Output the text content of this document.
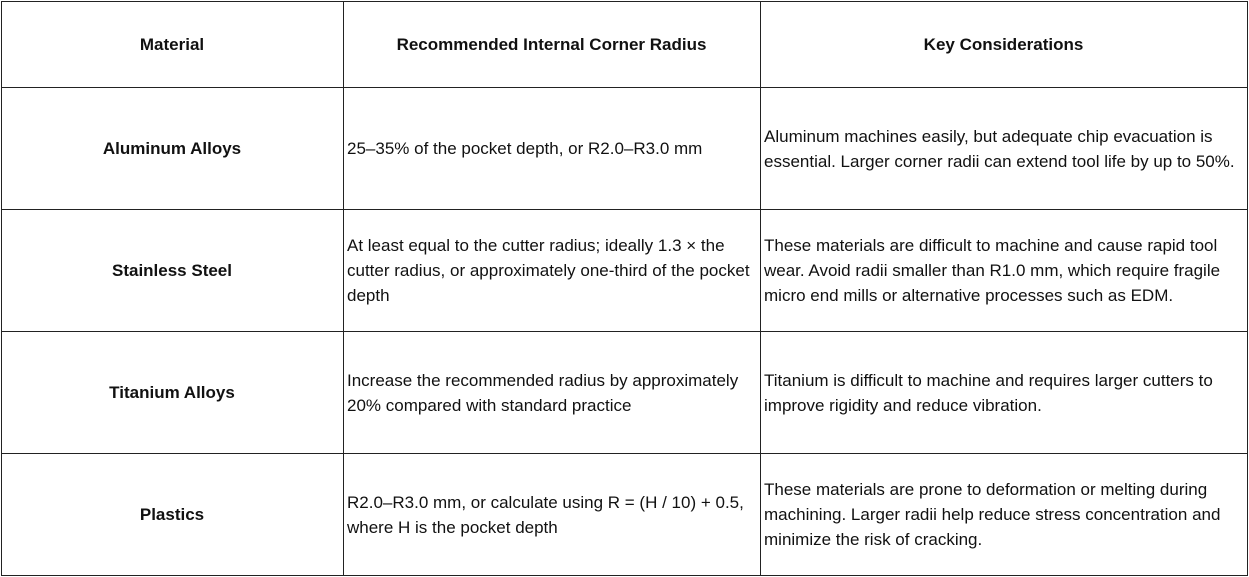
Material	Recommended Internal Corner Radius	Key Considerations
Aluminum Alloys	25–35% of the pocket depth, or R2.0–R3.0 mm	Aluminum machines easily, but adequate chip evacuation is essential. Larger corner radii can extend tool life by up to 50%.
Stainless Steel	At least equal to the cutter radius; ideally 1.3 × the cutter radius, or approximately one-third of the pocket depth	These materials are difficult to machine and cause rapid tool wear. Avoid radii smaller than R1.0 mm, which require fragile micro end mills or alternative processes such as EDM.
Titanium Alloys	Increase the recommended radius by approximately 20% compared with standard practice	Titanium is difficult to machine and requires larger cutters to improve rigidity and reduce vibration.
Plastics	R2.0–R3.0 mm, or calculate using R = (H / 10) + 0.5, where H is the pocket depth	These materials are prone to deformation or melting during machining. Larger radii help reduce stress concentration and minimize the risk of cracking.
